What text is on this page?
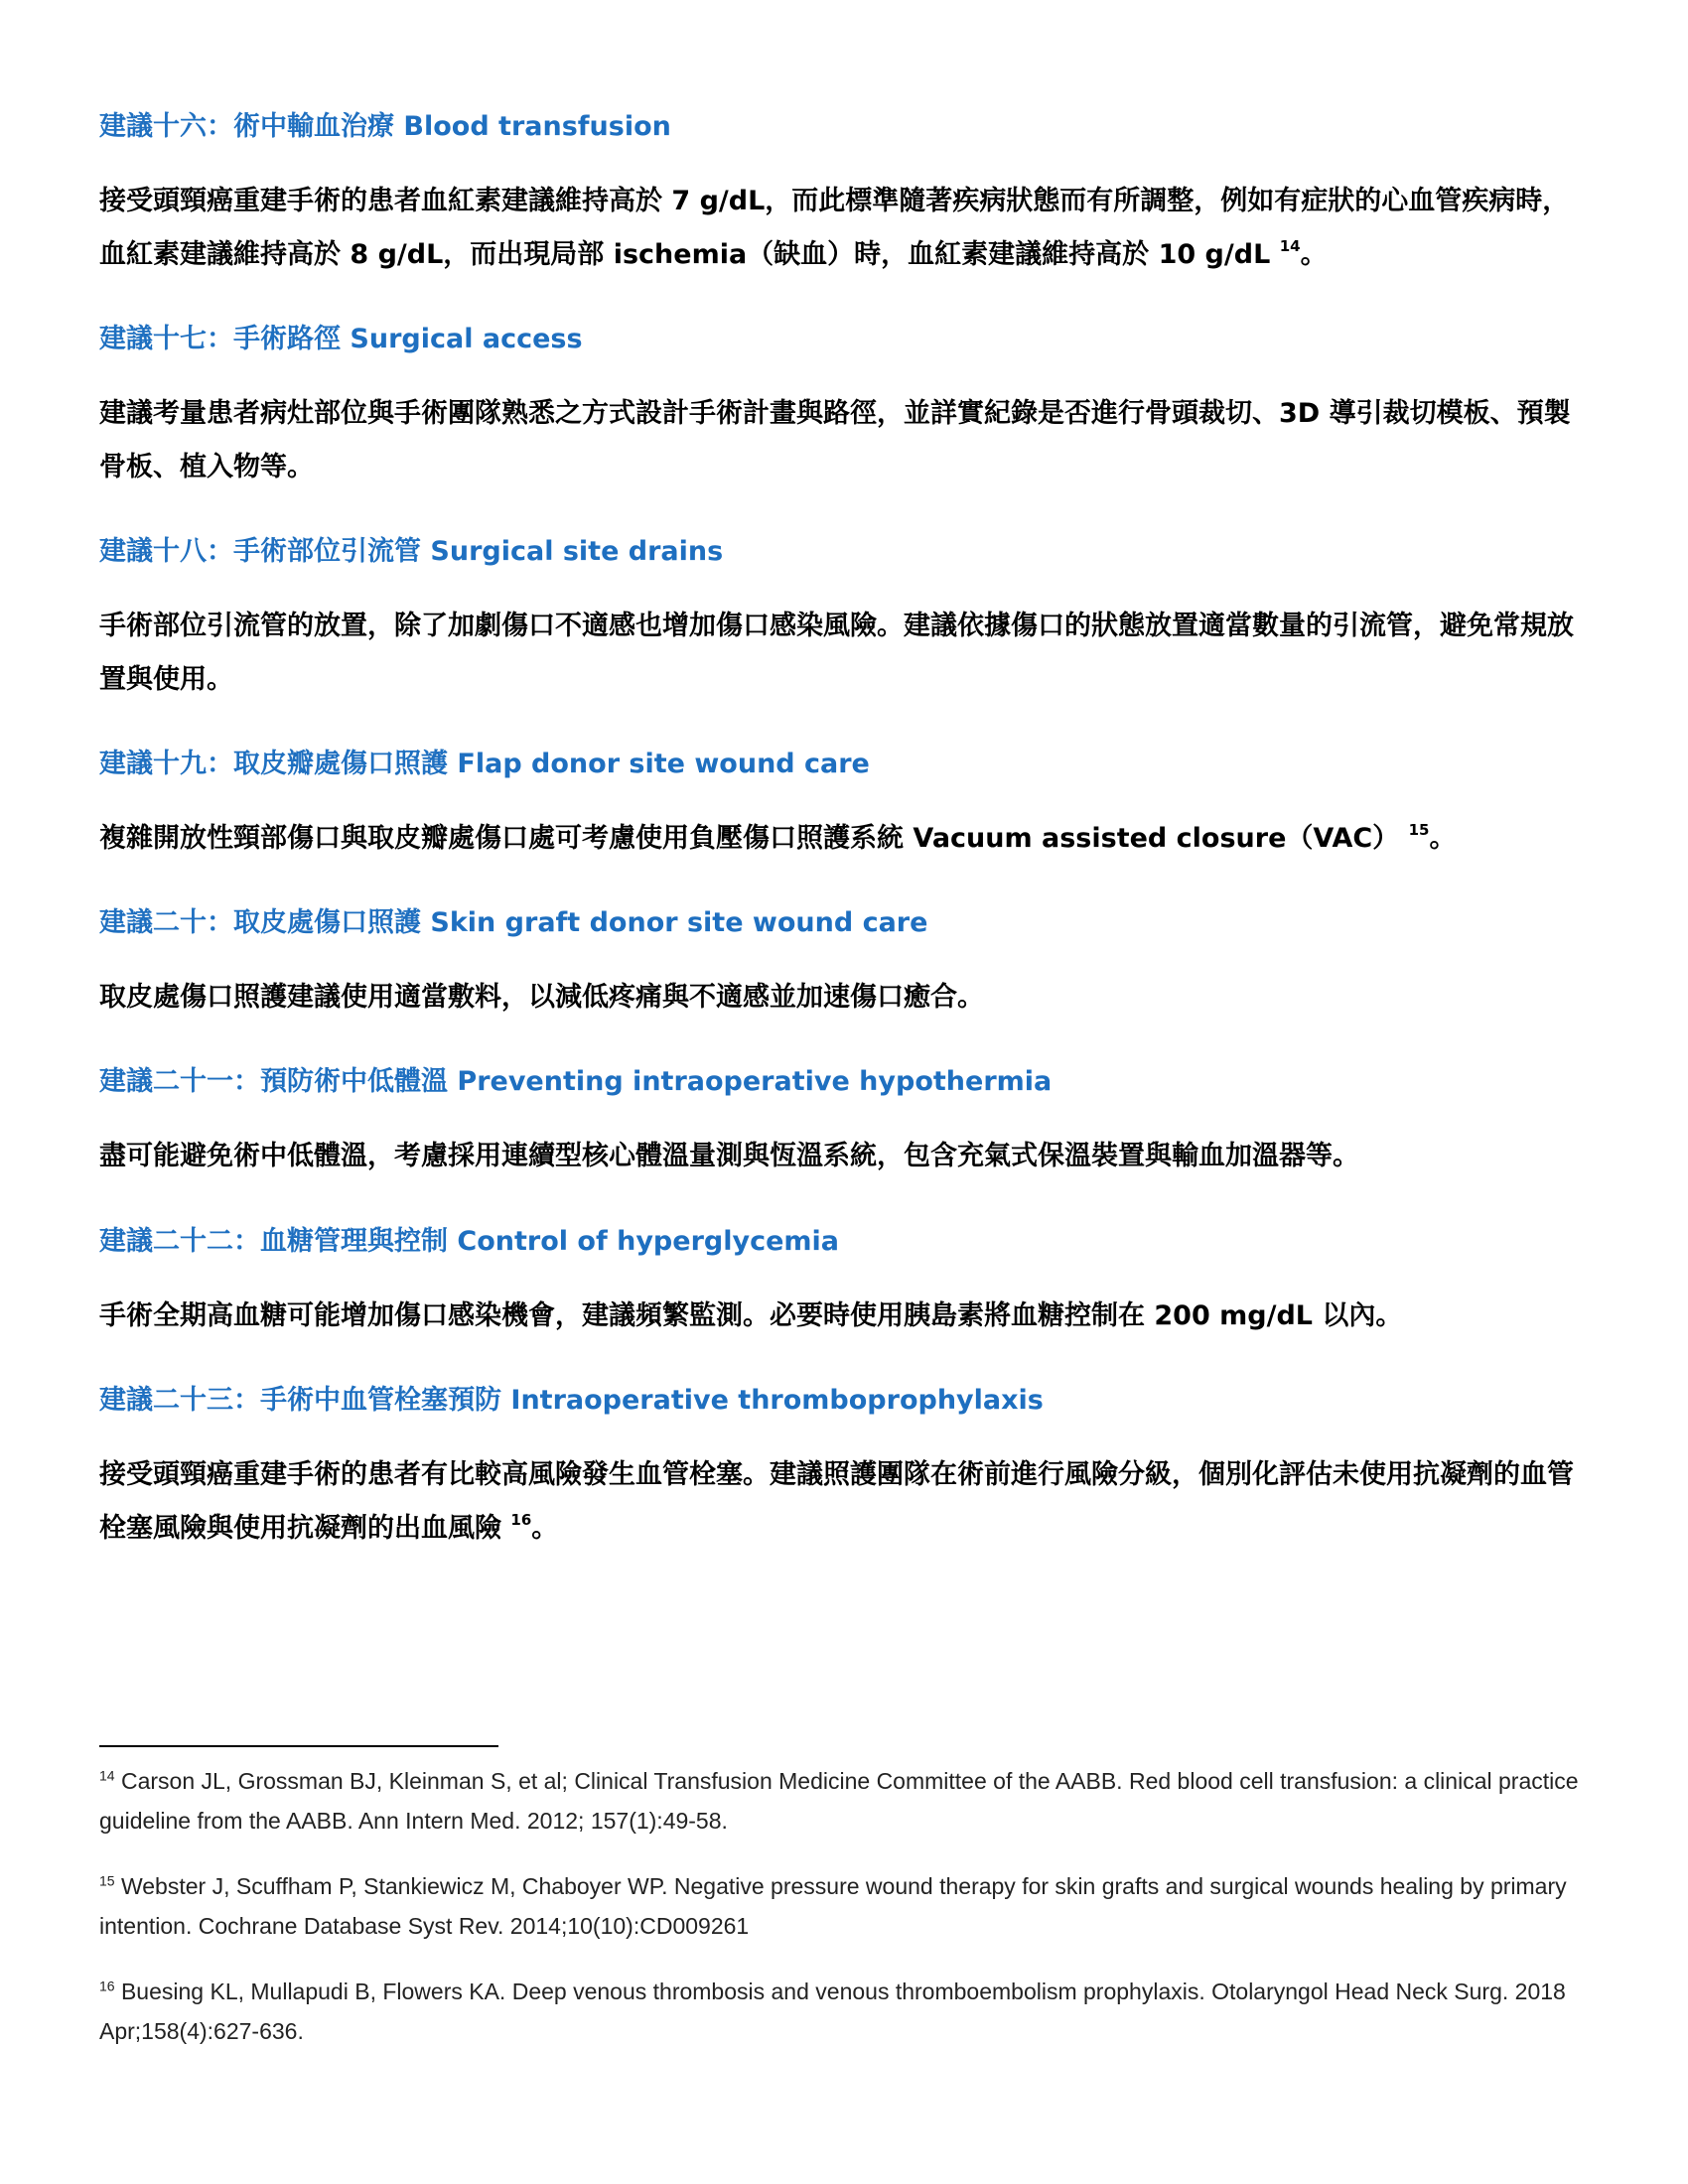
建議十六：術中輸血治療 Blood transfusion

接受頭頸癌重建手術的患者血紅素建議維持高於 7 g/dL，而此標準隨著疾病狀態而有所調整，例如有症狀的心血管疾病時，血紅素建議維持高於 8 g/dL，而出現局部 ischemia（缺血）時，血紅素建議維持高於 10 g/dL $^{14}$。

建議十七：手術路徑 Surgical access

建議考量患者病灶部位與手術團隊熟悉之方式設計手術計畫與路徑，並詳實紀錄是否進行骨頭裁切、3D 導引裁切模板、預製骨板、植入物等。

建議十八：手術部位引流管 Surgical site drains

手術部位引流管的放置，除了加劇傷口不適感也增加傷口感染風險。建議依據傷口的狀態放置適當數量的引流管，避免常規放置與使用。

建議十九：取皮瓣處傷口照護 Flap donor site wound care

複雜開放性頸部傷口與取皮瓣處傷口處可考慮使用負壓傷口照護系統 Vacuum assisted closure（VAC） $^{15}$。

建議二十：取皮處傷口照護 Skin graft donor site wound care

取皮處傷口照護建議使用適當敷料，以減低疼痛與不適感並加速傷口癒合。

建議二十一：預防術中低體溫 Preventing intraoperative hypothermia

盡可能避免術中低體溫，考慮採用連續型核心體溫量測與恆溫系統，包含充氣式保溫裝置與輸血加溫器等。

建議二十二：血糖管理與控制 Control of hyperglycemia

手術全期高血糖可能增加傷口感染機會，建議頻繁監測。必要時使用胰島素將血糖控制在 200 mg/dL 以內。

建議二十三：手術中血管栓塞預防 Intraoperative thromboprophylaxis

接受頭頸癌重建手術的患者有比較高風險發生血管栓塞。建議照護團隊在術前進行風險分級，個別化評估未使用抗凝劑的血管栓塞風險與使用抗凝劑的出血風險 $^{16}$。

$^{14}$ Carson JL, Grossman BJ, Kleinman S, et al; Clinical Transfusion Medicine Committee of the AABB. Red blood cell transfusion: a clinical practice guideline from the AABB. Ann Intern Med. 2012; 157(1):49-58.

$^{15}$ Webster J, Scuffham P, Stankiewicz M, Chaboyer WP. Negative pressure wound therapy for skin grafts and surgical wounds healing by primary intention. Cochrane Database Syst Rev. 2014;10(10):CD009261

$^{16}$ Buesing KL, Mullapudi B, Flowers KA. Deep venous thrombosis and venous thromboembolism prophylaxis. Otolaryngol Head Neck Surg. 2018 Apr;158(4):627-636.
